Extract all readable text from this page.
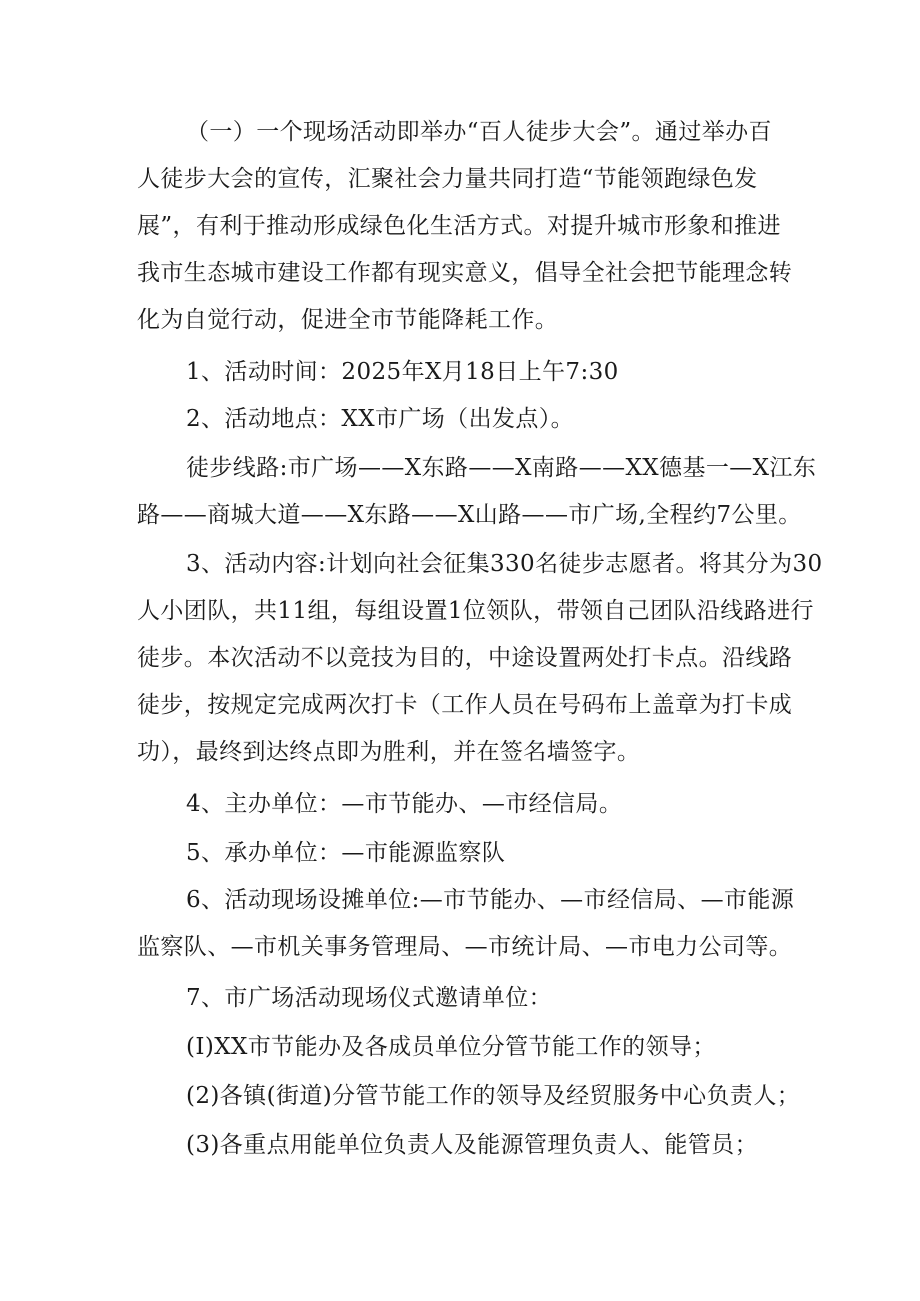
（一）一个现场活动即举办“百人徒步大会”。通过举办百
人徒步大会的宣传，汇聚社会力量共同打造“节能领跑绿色发
展”，有利于推动形成绿色化生活方式。对提升城市形象和推进
我市生态城市建设工作都有现实意义，倡导全社会把节能理念转
化为自觉行动，促进全市节能降耗工作。
1、活动时间：2025年X月18日上午7:30
2、活动地点：XX市广场（出发点）。
徒步线路:市广场——X东路——X南路——XX德基一—X江东
路——商城大道——X东路——X山路——市广场,全程约7公里。
3、活动内容:计划向社会征集330名徒步志愿者。将其分为30
人小团队，共11组，每组设置1位领队，带领自己团队沿线路进行
徒步。本次活动不以竞技为目的，中途设置两处打卡点。沿线路
徒步，按规定完成两次打卡（工作人员在号码布上盖章为打卡成
功），最终到达终点即为胜利，并在签名墙签字。
4、主办单位：—市节能办、—市经信局。
5、承办单位：—市能源监察队
6、活动现场设摊单位:—市节能办、—市经信局、—市能源
监察队、—市机关事务管理局、—市统计局、—市电力公司等。
7、市广场活动现场仪式邀请单位：
(I)XX市节能办及各成员单位分管节能工作的领导；
(2)各镇(街道)分管节能工作的领导及经贸服务中心负责人；
(3)各重点用能单位负责人及能源管理负责人、能管员；
